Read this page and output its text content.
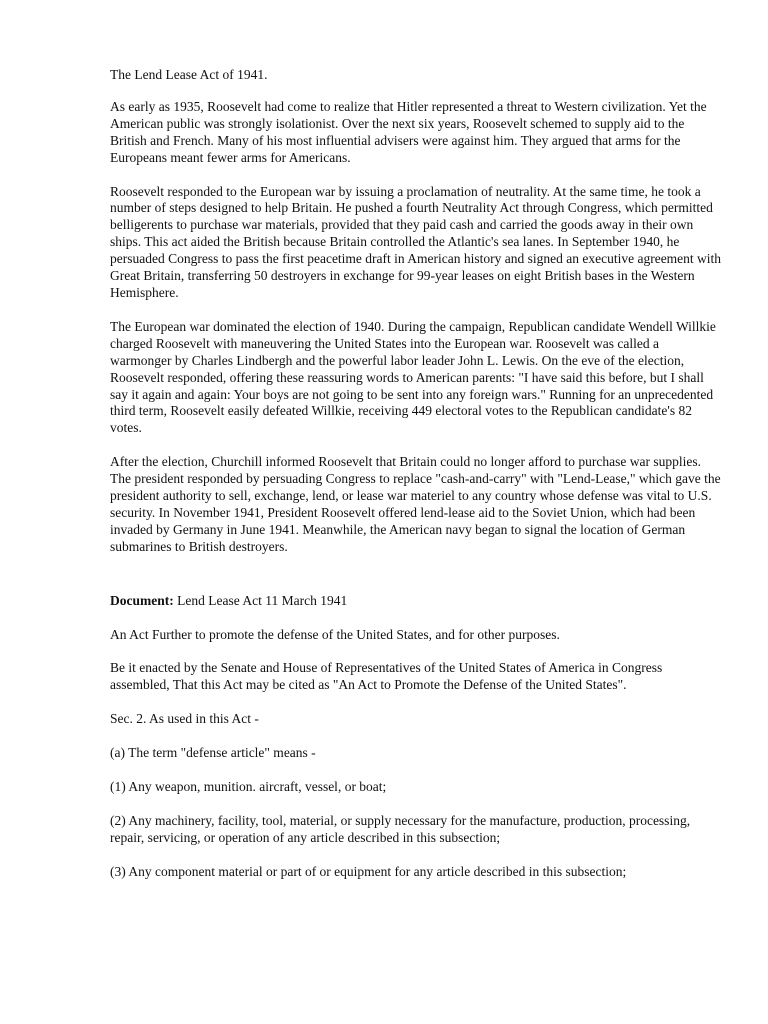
The Lend Lease Act of 1941.

As early as 1935, Roosevelt had come to realize that Hitler represented a threat to Western civilization. Yet the American public was strongly isolationist. Over the next six years, Roosevelt schemed to supply aid to the British and French. Many of his most influential advisers were against him. They argued that arms for the Europeans meant fewer arms for Americans.

Roosevelt responded to the European war by issuing a proclamation of neutrality. At the same time, he took a number of steps designed to help Britain. He pushed a fourth Neutrality Act through Congress, which permitted belligerents to purchase war materials, provided that they paid cash and carried the goods away in their own ships. This act aided the British because Britain controlled the Atlantic's sea lanes. In September 1940, he persuaded Congress to pass the first peacetime draft in American history and signed an executive agreement with Great Britain, transferring 50 destroyers in exchange for 99-year leases on eight British bases in the Western Hemisphere.

The European war dominated the election of 1940. During the campaign, Republican candidate Wendell Willkie charged Roosevelt with maneuvering the United States into the European war. Roosevelt was called a warmonger by Charles Lindbergh and the powerful labor leader John L. Lewis. On the eve of the election, Roosevelt responded, offering these reassuring words to American parents: "I have said this before, but I shall say it again and again: Your boys are not going to be sent into any foreign wars." Running for an unprecedented third term, Roosevelt easily defeated Willkie, receiving 449 electoral votes to the Republican candidate's 82 votes.

After the election, Churchill informed Roosevelt that Britain could no longer afford to purchase war supplies. The president responded by persuading Congress to replace "cash-and-carry" with "Lend-Lease," which gave the president authority to sell, exchange, lend, or lease war materiel to any country whose defense was vital to U.S. security. In November 1941, President Roosevelt offered lend-lease aid to the Soviet Union, which had been invaded by Germany in June 1941. Meanwhile, the American navy began to signal the location of German submarines to British destroyers.

Document: Lend Lease Act 11 March 1941

An Act Further to promote the defense of the United States, and for other purposes.

Be it enacted by the Senate and House of Representatives of the United States of America in Congress assembled, That this Act may be cited as "An Act to Promote the Defense of the United States".

Sec. 2. As used in this Act -

(a) The term "defense article" means -

(1) Any weapon, munition. aircraft, vessel, or boat;

(2) Any machinery, facility, tool, material, or supply necessary for the manufacture, production, processing, repair, servicing, or operation of any article described in this subsection;

(3) Any component material or part of or equipment for any article described in this subsection;
